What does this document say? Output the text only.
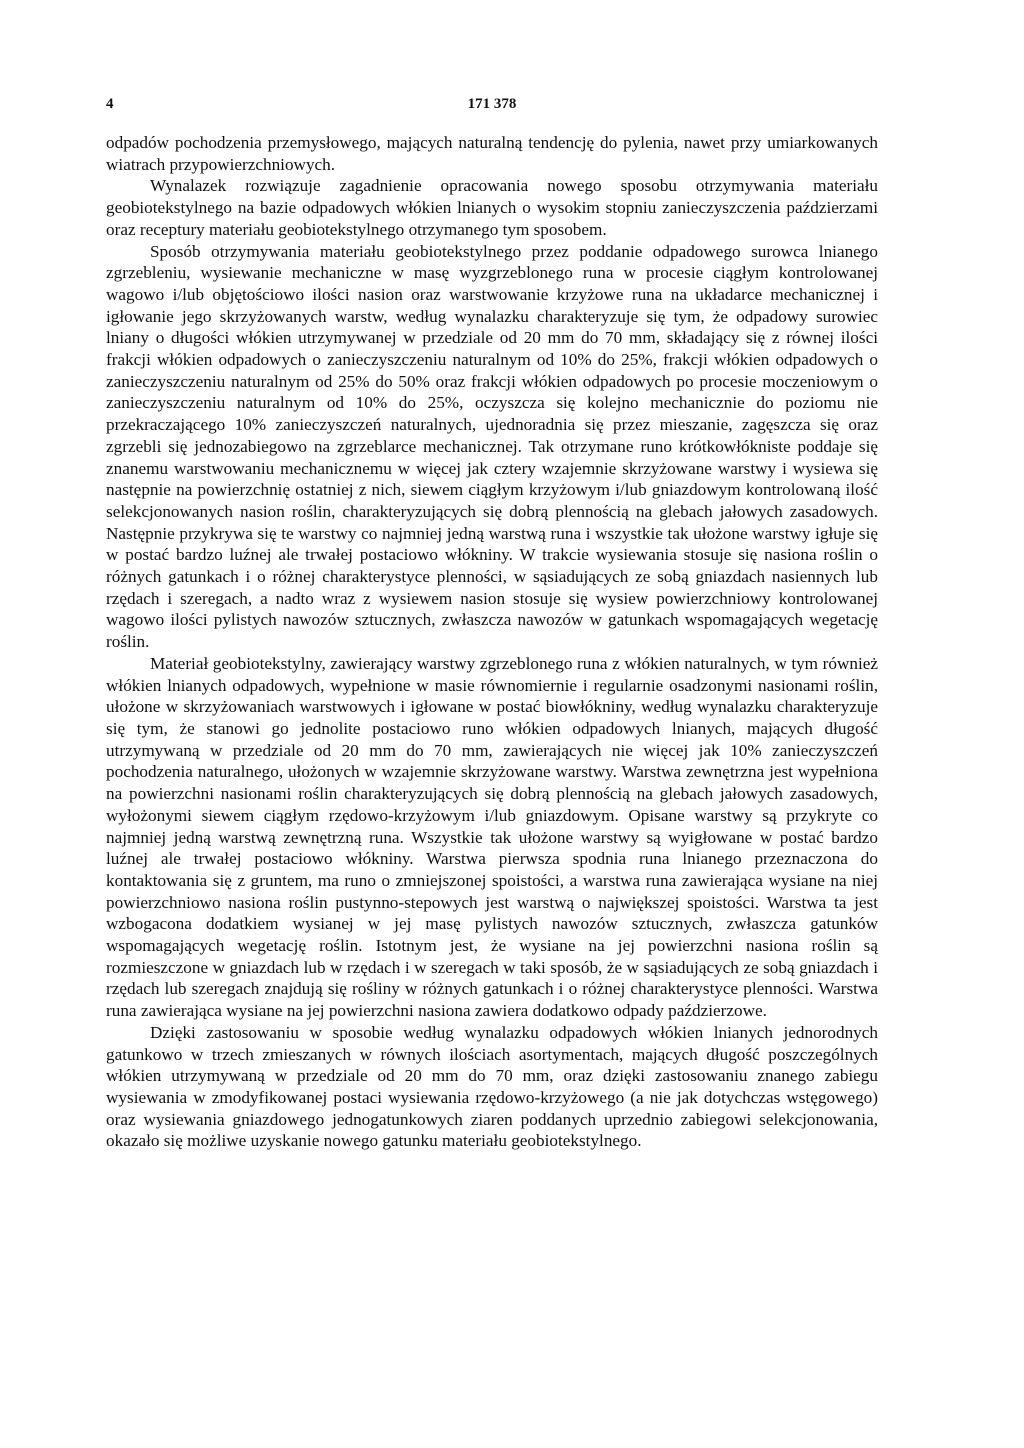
4	171 378

odpadów pochodzenia przemysłowego, mających naturalną tendencję do pylenia, nawet przy umiarkowanych wiatrach przypowierzchniowych.

Wynalazek rozwiązuje zagadnienie opracowania nowego sposobu otrzymywania materiału geobiotekstylnego na bazie odpadowych włókien lnianych o wysokim stopniu zanieczyszczenia paździerzami oraz receptury materiału geobiotekstylnego otrzymanego tym sposobem.

Sposób otrzymywania materiału geobiotekstylnego przez poddanie odpadowego surowca lnianego zgrzebleniu, wysiewanie mechaniczne w masę wyzgrzeblonego runa w procesie ciągłym kontrolowanej wagowo i/lub objętościowo ilości nasion oraz warstwowanie krzyżowe runa na układarce mechanicznej i igłowanie jego skrzyżowanych warstw, według wynalazku charakteryzuje się tym, że odpadowy surowiec lniany o długości włókien utrzymywanej w przedziale od 20 mm do 70 mm, składający się z równej ilości frakcji włókien odpadowych o zanieczyszczeniu naturalnym od 10% do 25%, frakcji włókien odpadowych o zanieczyszczeniu naturalnym od 25% do 50% oraz frakcji włókien odpadowych po procesie moczeniowym o zanieczyszczeniu naturalnym od 10% do 25%, oczyszcza się kolejno mechanicznie do poziomu nie przekraczającego 10% zanieczyszczeń naturalnych, ujednoradnia się przez mieszanie, zagęszcza się oraz zgrzebli się jednozabiegowo na zgrzeblarce mechanicznej. Tak otrzymane runo krótkowłókniste poddaje się znanemu warstwowaniu mechanicznemu w więcej jak cztery wzajemnie skrzyżowane warstwy i wysiewa się następnie na powierzchnię ostatniej z nich, siewem ciągłym krzyżowym i/lub gniazdowym kontrolowaną ilość selekcjonowanych nasion roślin, charakteryzujących się dobrą plennością na glebach jałowych zasadowych. Następnie przykrywa się te warstwy co najmniej jedną warstwą runa i wszystkie tak ułożone warstwy igłuje się w postać bardzo luźnej ale trwałej postaciowo włókniny. W trakcie wysiewania stosuje się nasiona roślin o różnych gatunkach i o różnej charakterystyce plenności, w sąsiadujących ze sobą gniazdach nasiennych lub rzędach i szeregach, a nadto wraz z wysiewem nasion stosuje się wysiew powierzchniowy kontrolowanej wagowo ilości pylistych nawozów sztucznych, zwłaszcza nawozów w gatunkach wspomagających wegetację roślin.

Materiał geobiotekstylny, zawierający warstwy zgrzeblonego runa z włókien naturalnych, w tym również włókien lnianych odpadowych, wypełnione w masie równomiernie i regularnie osadzonymi nasionami roślin, ułożone w skrzyżowaniach warstwowych i igłowane w postać biowłókniny, według wynalazku charakteryzuje się tym, że stanowi go jednolite postaciowo runo włókien odpadowych lnianych, mających długość utrzymywaną w przedziale od 20 mm do 70 mm, zawierających nie więcej jak 10% zanieczyszczeń pochodzenia naturalnego, ułożonych w wzajemnie skrzyżowane warstwy. Warstwa zewnętrzna jest wypełniona na powierzchni nasionami roślin charakteryzujących się dobrą plennością na glebach jałowych zasadowych, wyłożonymi siewem ciągłym rzędowo-krzyżowym i/lub gniazdowym. Opisane warstwy są przykryte co najmniej jedną warstwą zewnętrzną runa. Wszystkie tak ułożone warstwy są wyigłowane w postać bardzo luźnej ale trwałej postaciowo włókniny. Warstwa pierwsza spodnia runa lnianego przeznaczona do kontaktowania się z gruntem, ma runo o zmniejszonej spoistości, a warstwa runa zawierająca wysiane na niej powierzchniowo nasiona roślin pustynno-stepowych jest warstwą o największej spoistości. Warstwa ta jest wzbogacona dodatkiem wysianej w jej masę pylistych nawozów sztucznych, zwłaszcza gatunków wspomagających wegetację roślin. Istotnym jest, że wysiane na jej powierzchni nasiona roślin są rozmieszczone w gniazdach lub w rzędach i w szeregach w taki sposób, że w sąsiadujących ze sobą gniazdach i rzędach lub szeregach znajdują się rośliny w różnych gatunkach i o różnej charakterystyce plenności. Warstwa runa zawierająca wysiane na jej powierzchni nasiona zawiera dodatkowo odpady paździerzowe.

Dzięki zastosowaniu w sposobie według wynalazku odpadowych włókien lnianych jednorodnych gatunkowo w trzech zmieszanych w równych ilościach asortymentach, mających długość poszczególnych włókien utrzymywaną w przedziale od 20 mm do 70 mm, oraz dzięki zastosowaniu znanego zabiegu wysiewania w zmodyfikowanej postaci wysiewania rzędowo-krzyżowego (a nie jak dotychczas wstęgowego) oraz wysiewania gniazdowego jednogatunkowych ziaren poddanych uprzednio zabiegowi selekcjonowania, okazało się możliwe uzyskanie nowego gatunku materiału geobiotekstylnego.
